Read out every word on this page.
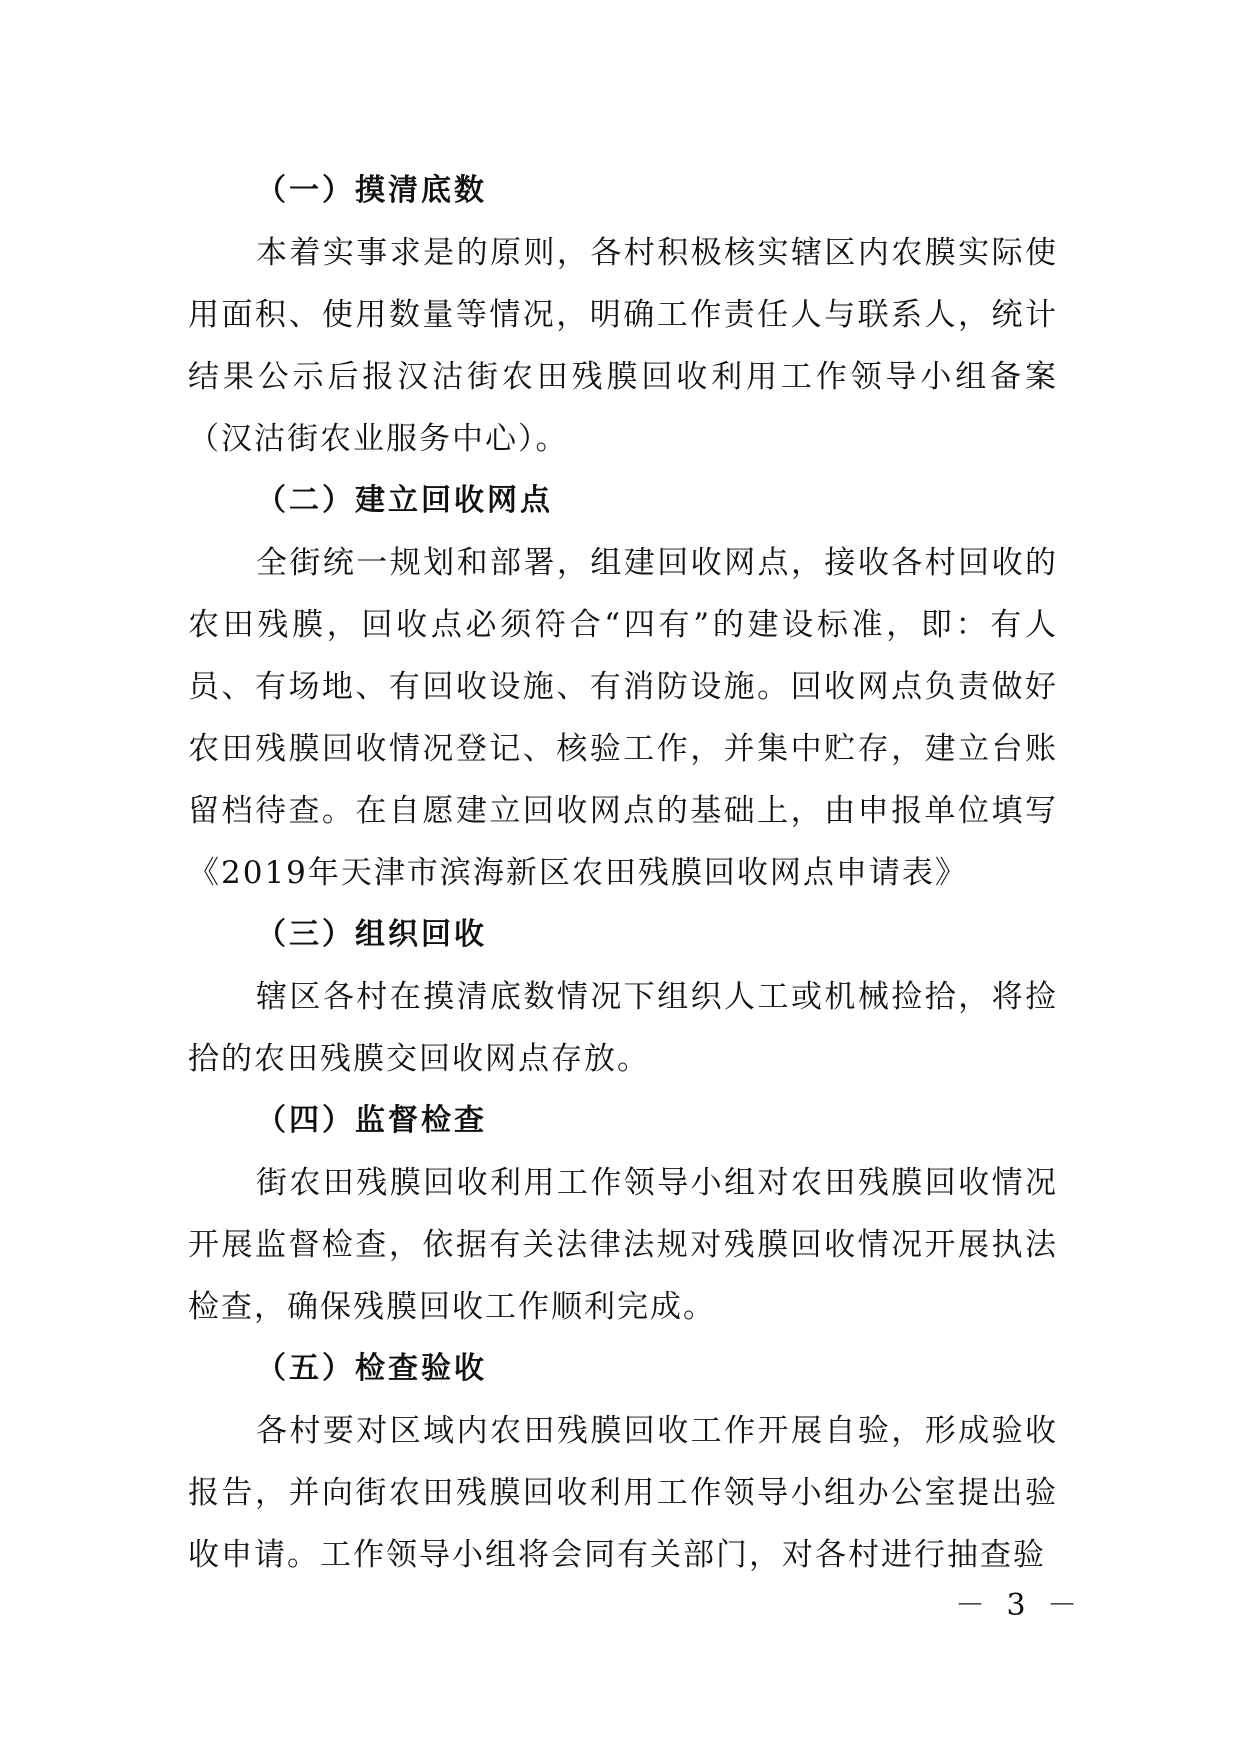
（一）摸清底数

本着实事求是的原则，各村积极核实辖区内农膜实际使用面积、使用数量等情况，明确工作责任人与联系人，统计结果公示后报汉沽街农田残膜回收利用工作领导小组备案（汉沽街农业服务中心）。

（二）建立回收网点

全街统一规划和部署，组建回收网点，接收各村回收的农田残膜，回收点必须符合“四有”的建设标准，即：有人员、有场地、有回收设施、有消防设施。回收网点负责做好农田残膜回收情况登记、核验工作，并集中贮存，建立台账留档待查。在自愿建立回收网点的基础上，由申报单位填写《2019年天津市滨海新区农田残膜回收网点申请表》

（三）组织回收

辖区各村在摸清底数情况下组织人工或机械捡拾，将捡拾的农田残膜交回收网点存放。

（四）监督检查

街农田残膜回收利用工作领导小组对农田残膜回收情况开展监督检查，依据有关法律法规对残膜回收情况开展执法检查，确保残膜回收工作顺利完成。

（五）检查验收

各村要对区域内农田残膜回收工作开展自验，形成验收报告，并向街农田残膜回收利用工作领导小组办公室提出验收申请。工作领导小组将会同有关部门，对各村进行抽查验

－ 3 －
